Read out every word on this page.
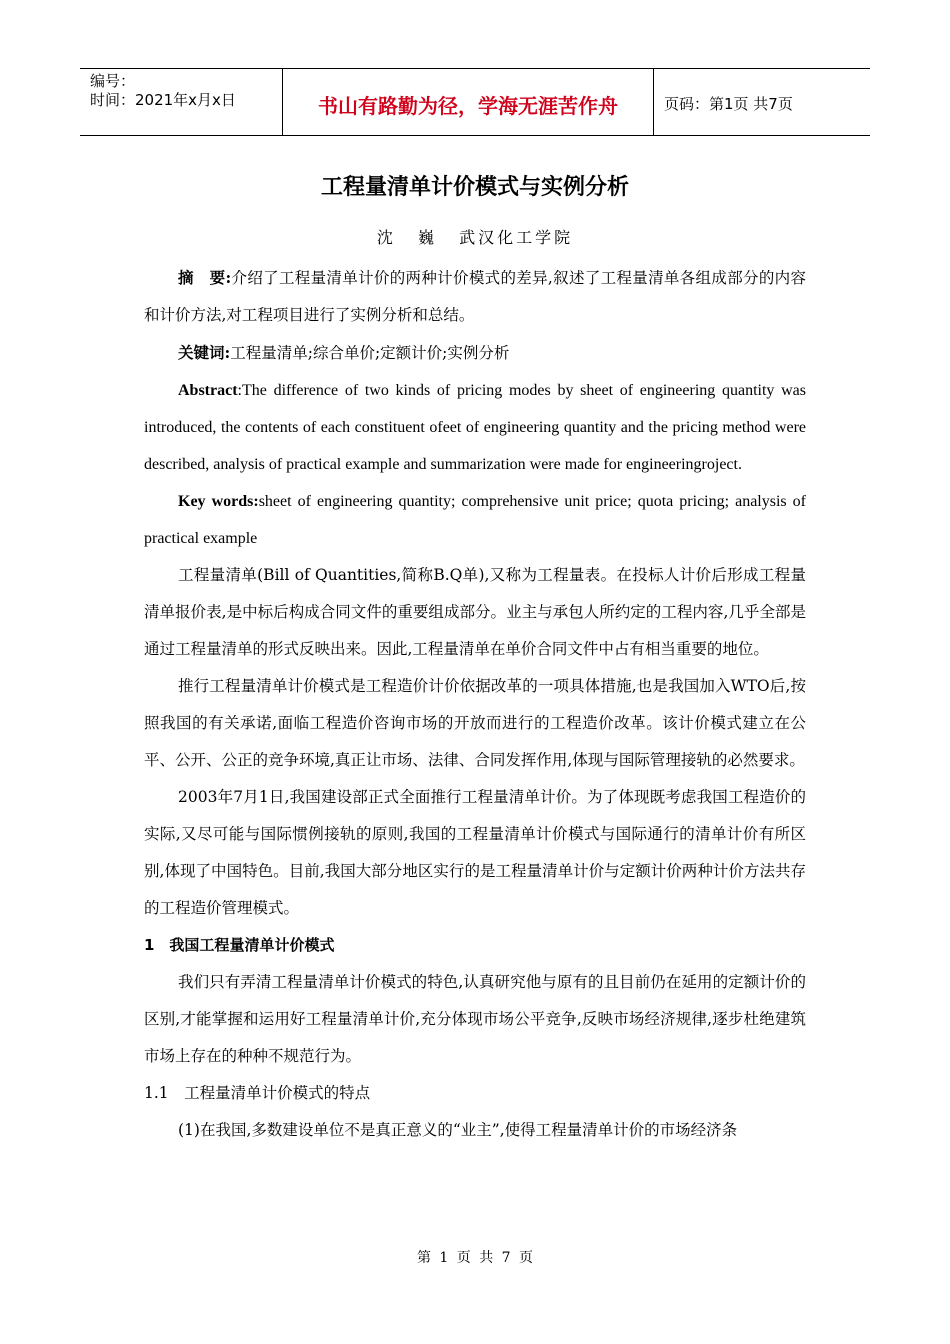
编号：
时间：2021年x月x日	书山有路勤为径，学海无涯苦作舟	页码：第1页 共7页
工程量清单计价模式与实例分析
沈 巍 武汉化工学院

摘　要:介绍了工程量清单计价的两种计价模式的差异,叙述了工程量清单各组成部分的内容和计价方法,对工程项目进行了实例分析和总结。

关键词:工程量清单;综合单价;定额计价;实例分析

Abstract:The difference of two kinds of pricing modes by sheet of engineering quantity was introduced, the contents of each constituent ofeet of engineering quantity and the pricing method were described, analysis of practical example and summarization were made for engineeringroject.

Key words:sheet of engineering quantity; comprehensive unit price; quota pricing; analysis of practical example

工程量清单(Bill of Quantities,简称B.Q单),又称为工程量表。在投标人计价后形成工程量清单报价表,是中标后构成合同文件的重要组成部分。业主与承包人所约定的工程内容,几乎全部是通过工程量清单的形式反映出来。因此,工程量清单在单价合同文件中占有相当重要的地位。

推行工程量清单计价模式是工程造价计价依据改革的一项具体措施,也是我国加入WTO后,按照我国的有关承诺,面临工程造价咨询市场的开放而进行的工程造价改革。该计价模式建立在公平、公开、公正的竞争环境,真正让市场、法律、合同发挥作用,体现与国际管理接轨的必然要求。

2003年7月1日,我国建设部正式全面推行工程量清单计价。为了体现既考虑我国工程造价的实际,又尽可能与国际惯例接轨的原则,我国的工程量清单计价模式与国际通行的清单计价有所区别,体现了中国特色。目前,我国大部分地区实行的是工程量清单计价与定额计价两种计价方法共存的工程造价管理模式。

1　我国工程量清单计价模式

我们只有弄清工程量清单计价模式的特色,认真研究他与原有的且目前仍在延用的定额计价的区别,才能掌握和运用好工程量清单计价,充分体现市场公平竞争,反映市场经济规律,逐步杜绝建筑市场上存在的种种不规范行为。

1.1　工程量清单计价模式的特点

(1)在我国,多数建设单位不是真正意义的“业主”,使得工程量清单计价的市场经济条

第 1 页 共 7 页
